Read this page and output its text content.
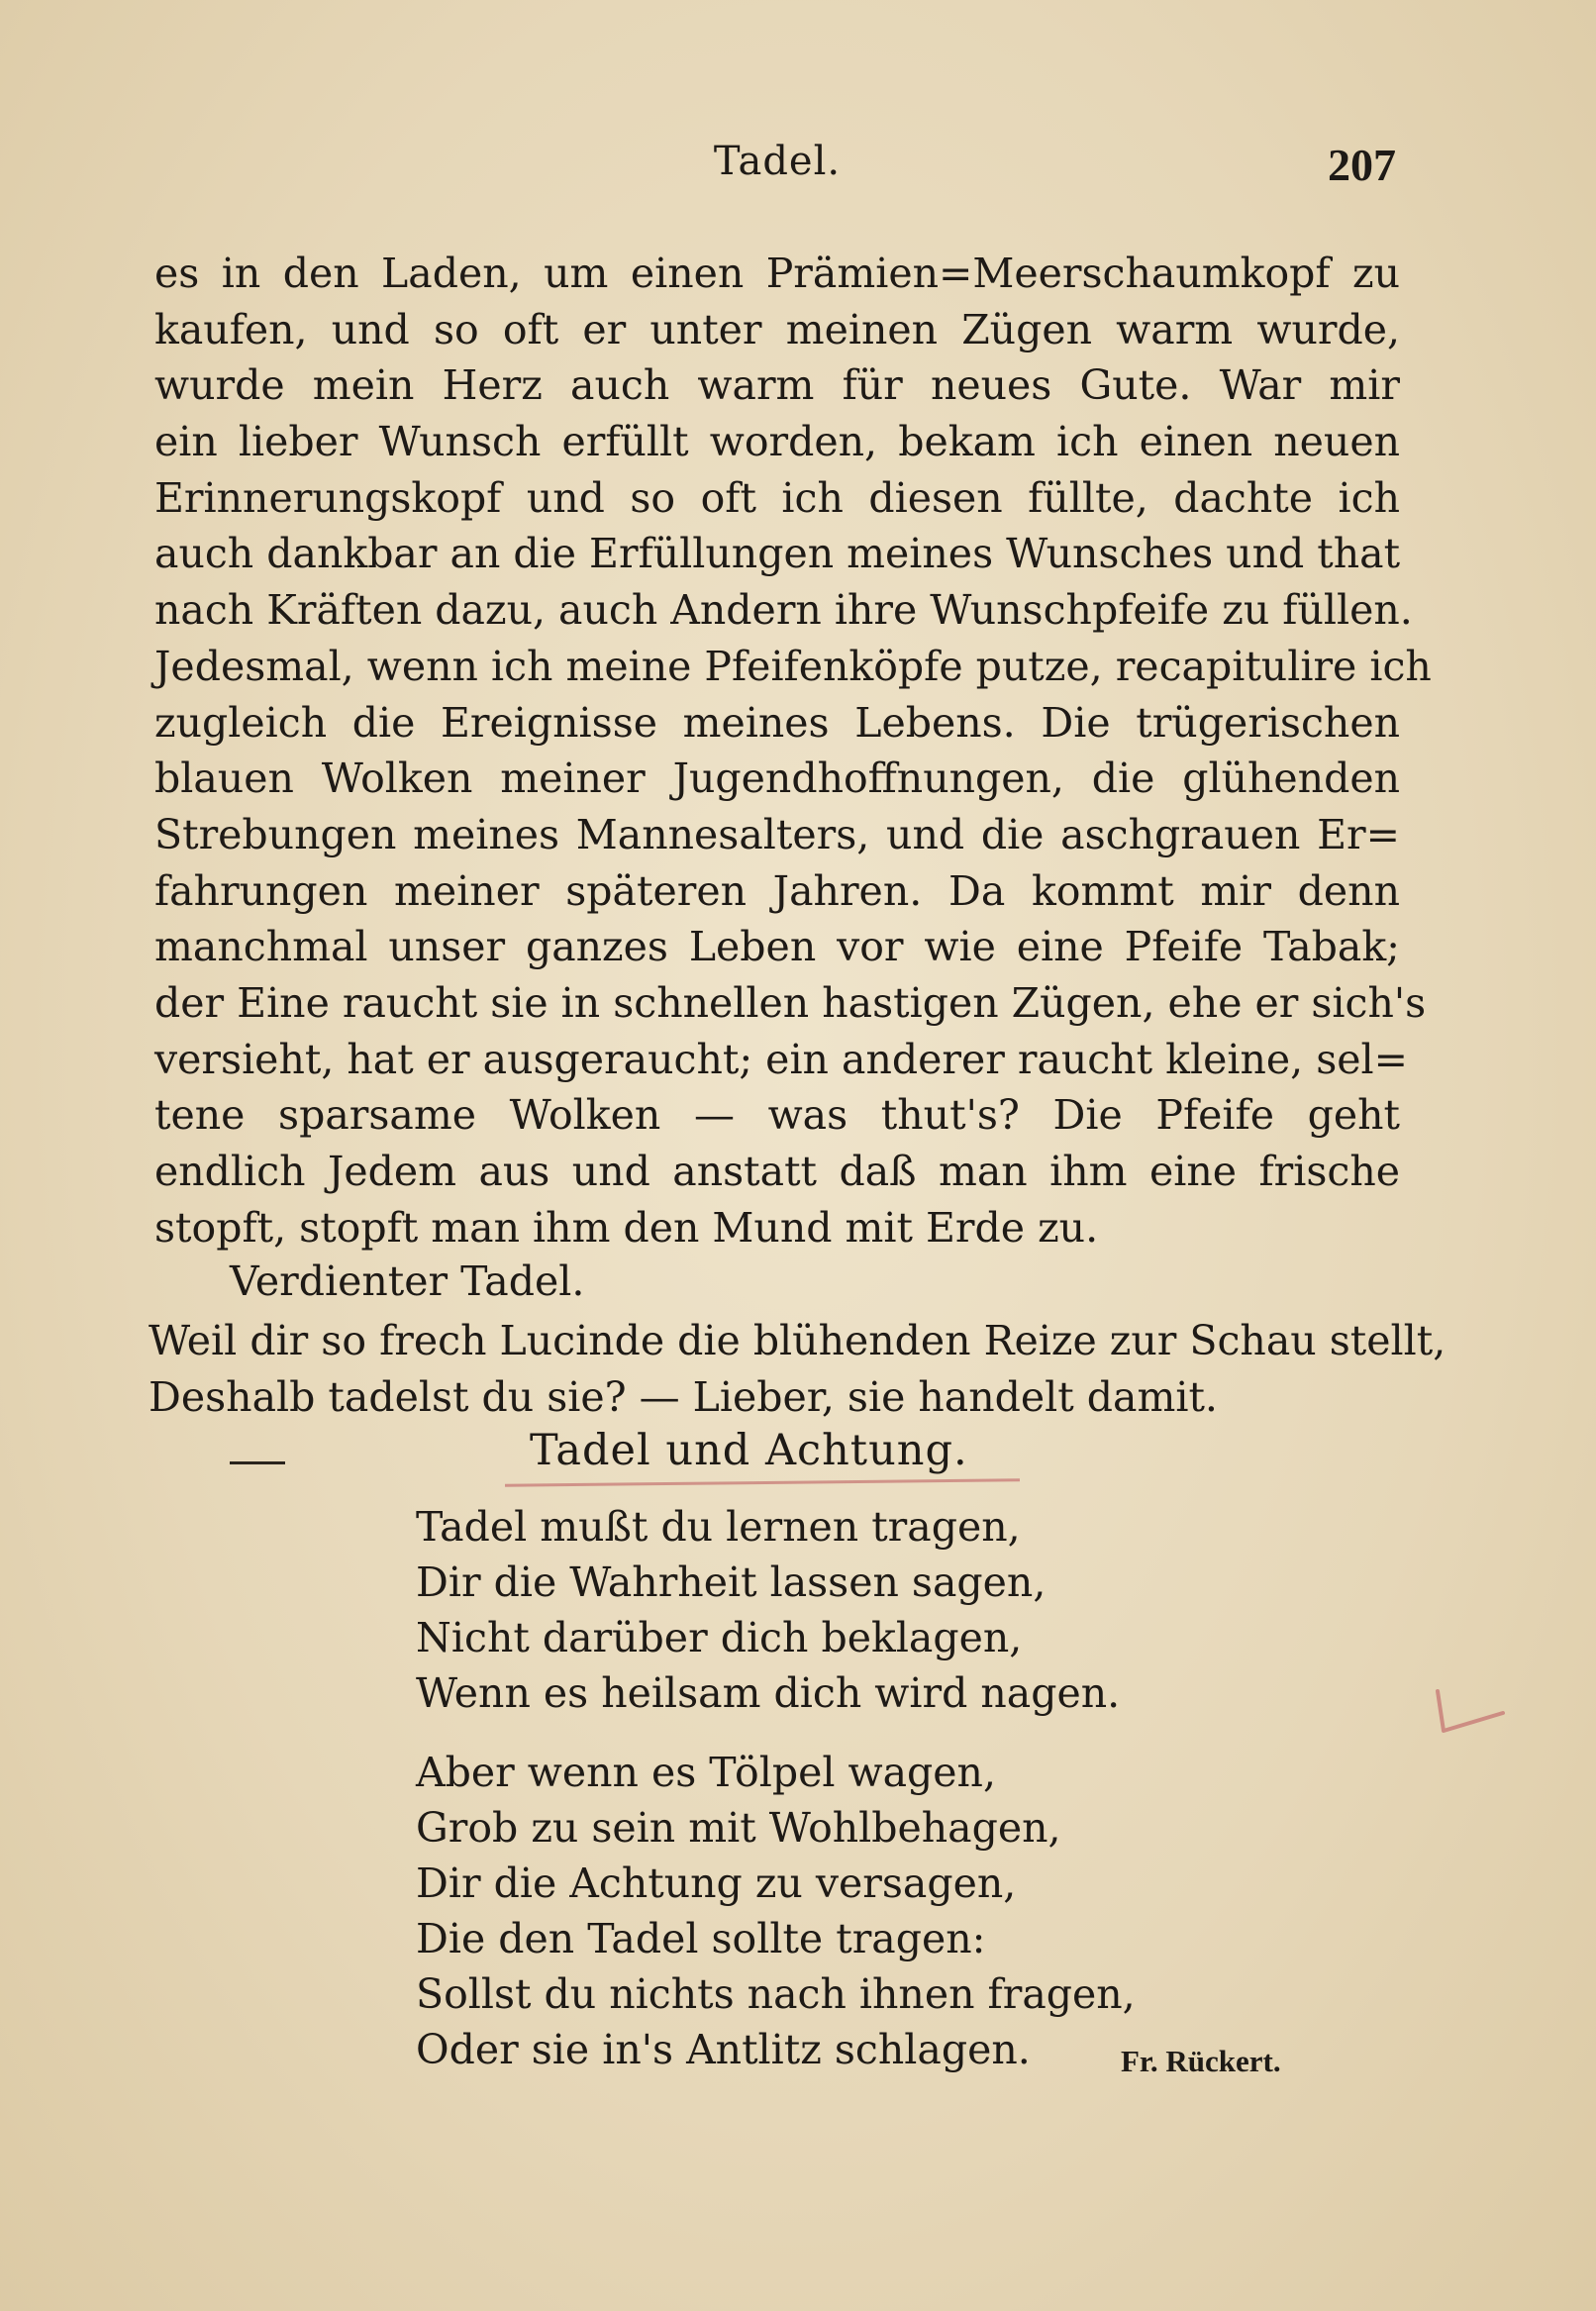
Tadel.	207
es in den Laden, um einen Prämien=Meerschaumkopf zu
kaufen, und so oft er unter meinen Zügen warm wurde,
wurde mein Herz auch warm für neues Gute. War mir
ein lieber Wunsch erfüllt worden, bekam ich einen neuen
Erinnerungskopf und so oft ich diesen füllte, dachte ich
auch dankbar an die Erfüllungen meines Wunsches und that
nach Kräften dazu, auch Andern ihre Wunschpfeife zu füllen.
Jedesmal, wenn ich meine Pfeifenköpfe putze, recapitulire ich
zugleich die Ereignisse meines Lebens. Die trügerischen
blauen Wolken meiner Jugendhoffnungen, die glühenden
Strebungen meines Mannesalters, und die aschgrauen Er=
fahrungen meiner späteren Jahren. Da kommt mir denn
manchmal unser ganzes Leben vor wie eine Pfeife Tabak;
der Eine raucht sie in schnellen hastigen Zügen, ehe er sich's
versieht, hat er ausgeraucht; ein anderer raucht kleine, sel=
tene sparsame Wolken — was thut's? Die Pfeife geht
endlich Jedem aus und anstatt daß man ihm eine frische
stopft, stopft man ihm den Mund mit Erde zu.
Verdienter Tadel.
Weil dir so frech Lucinde die blühenden Reize zur Schau stellt,
Deshalb tadelst du sie? — Lieber, sie handelt damit.
Tadel und Achtung.
Tadel mußt du lernen tragen,
Dir die Wahrheit lassen sagen,
Nicht darüber dich beklagen,
Wenn es heilsam dich wird nagen.
Aber wenn es Tölpel wagen,
Grob zu sein mit Wohlbehagen,
Dir die Achtung zu versagen,
Die den Tadel sollte tragen:
Sollst du nichts nach ihnen fragen,
Oder sie in's Antlitz schlagen.	Fr. Rückert.
